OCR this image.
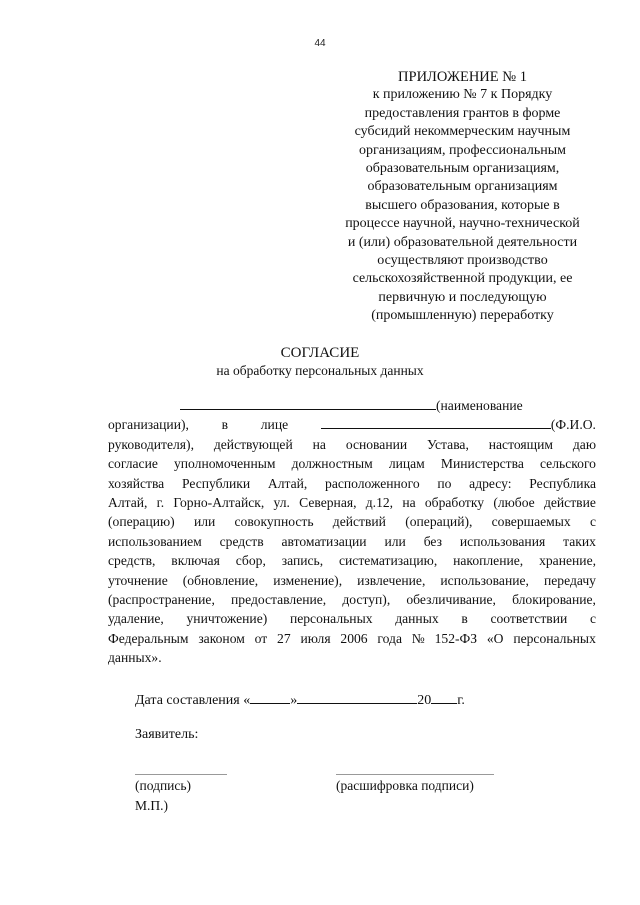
44
ПРИЛОЖЕНИЕ № 1
к приложению № 7 к Порядку
предоставления грантов в форме
субсидий некоммерческим научным
организациям, профессиональным
образовательным организациям,
образовательным организациям
высшего образования, которые в
процессе научной, научно-технической
и (или) образовательной деятельности
осуществляют производство
сельскохозяйственной продукции, ее
первичную и последующую
(промышленную) переработку
СОГЛАСИЕ
на обработку персональных данных
(наименование
организации), в лице	(Ф.И.О.
руководителя), действующей на основании Устава, настоящим даю
согласие уполномоченным должностным лицам Министерства сельского
хозяйства Республики Алтай, расположенного по адресу: Республика
Алтай, г. Горно-Алтайск, ул. Северная, д.12, на обработку (любое действие
(операцию) или совокупность действий (операций), совершаемых с
использованием средств автоматизации или без использования таких
средств, включая сбор, запись, систематизацию, накопление, хранение,
уточнение (обновление, изменение), извлечение, использование, передачу
(распространение, предоставление, доступ), обезличивание, блокирование,
удаление, уничтожение) персональных данных в соответствии с
Федеральным законом от 27 июля 2006 года № 152-ФЗ «О персональных
данных».
Дата составления «	»	20 г.
Заявитель:
(подпись)	(расшифровка подписи)
М.П.)
